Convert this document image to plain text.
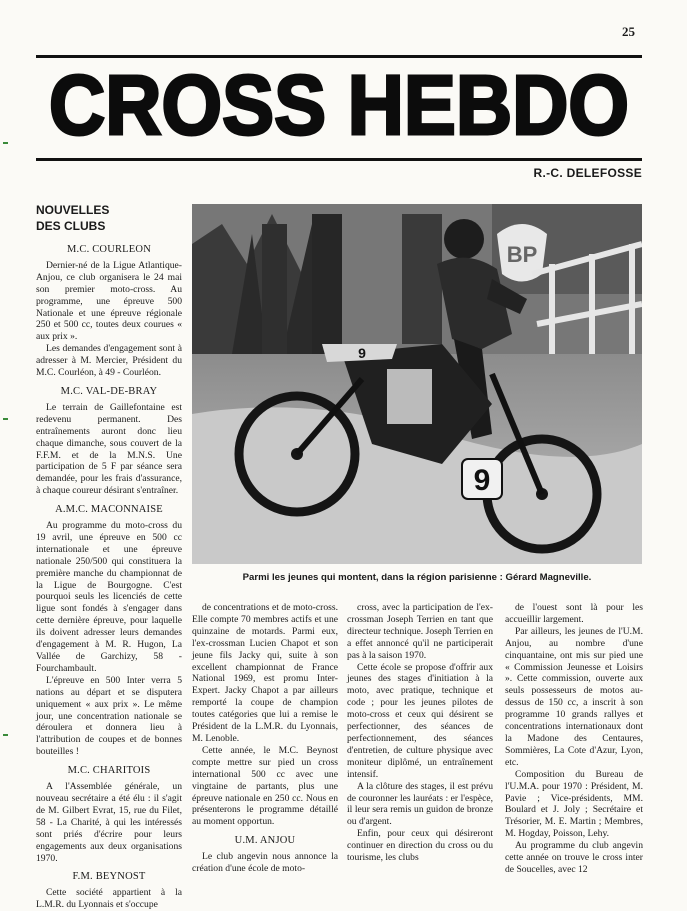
25
CROSS HEBDO
R.-C. DELEFOSSE
NOUVELLES
DES CLUBS
M.C. COURLEON

Dernier-né de la Ligue Atlantique-Anjou, ce club organisera le 24 mai son premier moto-cross. Au programme, une épreuve 500 Nationale et une épreuve régionale 250 et 500 cc, toutes deux courues « aux prix ».

Les demandes d'engagement sont à adresser à M. Mercier, Président du M.C. Courléon, à 49 - Courléon.

M.C. VAL-DE-BRAY

Le terrain de Gaillefontaine est redevenu permanent. Des entraînements auront donc lieu chaque dimanche, sous couvert de la F.F.M. et de la M.N.S. Une participation de 5 F par séance sera demandée, pour les frais d'assurance, à chaque coureur désirant s'entraîner.

A.M.C. MACONNAISE

Au programme du moto-cross du 19 avril, une épreuve en 500 cc internationale et une épreuve nationale 250/500 qui constituera la première manche du championnat de la Ligue de Bourgogne. C'est pourquoi seuls les licenciés de cette ligue sont fondés à s'engager dans cette dernière épreuve, pour laquelle ils doivent adresser leurs demandes d'engagement à M. R. Hugon, La Vallée de Garchizy, 58 - Fourchambault.

L'épreuve en 500 Inter verra 5 nations au départ et se disputera uniquement « aux prix ». Le même jour, une concentration nationale se déroulera et donnera lieu à l'attribution de coupes et de bonnes bouteilles !

M.C. CHARITOIS

A l'Assemblée générale, un nouveau secrétaire a été élu : il s'agit de M. Gilbert Evrat, 15, rue du Filet, 58 - La Charité, à qui les intéressés sont priés d'écrire pour leurs engagements aux deux organisations 1970.

F.M. BEYNOST

Cette société appartient à la L.M.R. du Lyonnais et s'occupe

de concentrations et de moto-cross. Elle compte 70 membres actifs et une quinzaine de motards. Parmi eux, l'ex-crossman Lucien Chapot et son jeune fils Jacky qui, suite à son excellent championnat de France National 1969, est promu Inter-Expert. Jacky Chapot a par ailleurs remporté la coupe de champion toutes catégories que lui a remise le Président de la L.M.R. du Lyonnais, M. Lenoble.

Cette année, le M.C. Beynost compte mettre sur pied un cross international 500 cc avec une vingtaine de partants, plus une épreuve nationale en 250 cc. Nous en présenterons le programme détaillé au moment opportun.

U.M. ANJOU

Le club angevin nous annonce la création d'une école de moto-

cross, avec la participation de l'ex-crossman Joseph Terrien en tant que directeur technique. Joseph Terrien en a effet annoncé qu'il ne participerait pas à la saison 1970.

Cette école se propose d'offrir aux jeunes des stages d'initiation à la moto, avec pratique, technique et code ; pour les jeunes pilotes de moto-cross et ceux qui désirent se perfectionner, des séances de perfectionnement, des séances d'entretien, de culture physique avec moniteur diplômé, un entraînement intensif.

A la clôture des stages, il est prévu de couronner les lauréats : er l'espèce, il leur sera remis un guidon de bronze ou d'argent.

Enfin, pour ceux qui désireront continuer en direction du cross ou du tourisme, les clubs

de l'ouest sont là pour les accueillir largement.

Par ailleurs, les jeunes de l'U.M. Anjou, au nombre d'une cinquantaine, ont mis sur pied une « Commission Jeunesse et Loisirs ». Cette commission, ouverte aux seuls possesseurs de motos au-dessus de 150 cc, a inscrit à son programme 10 grands rallyes et concentrations internationaux dont la Madone des Centaures, Sommières, La Cote d'Azur, Lyon, etc.

Composition du Bureau de l'U.M.A. pour 1970 : Président, M. Pavie ; Vice-présidents, MM. Boulard et J. Joly ; Secrétaire et Trésorier, M. E. Martin ; Membres, M. Hogday, Poisson, Lehy.

Au programme du club angevin cette année on trouve le cross inter de Soucelles, avec 12

BP
9
9
Parmi les jeunes qui montent, dans la région parisienne : Gérard Magneville.
